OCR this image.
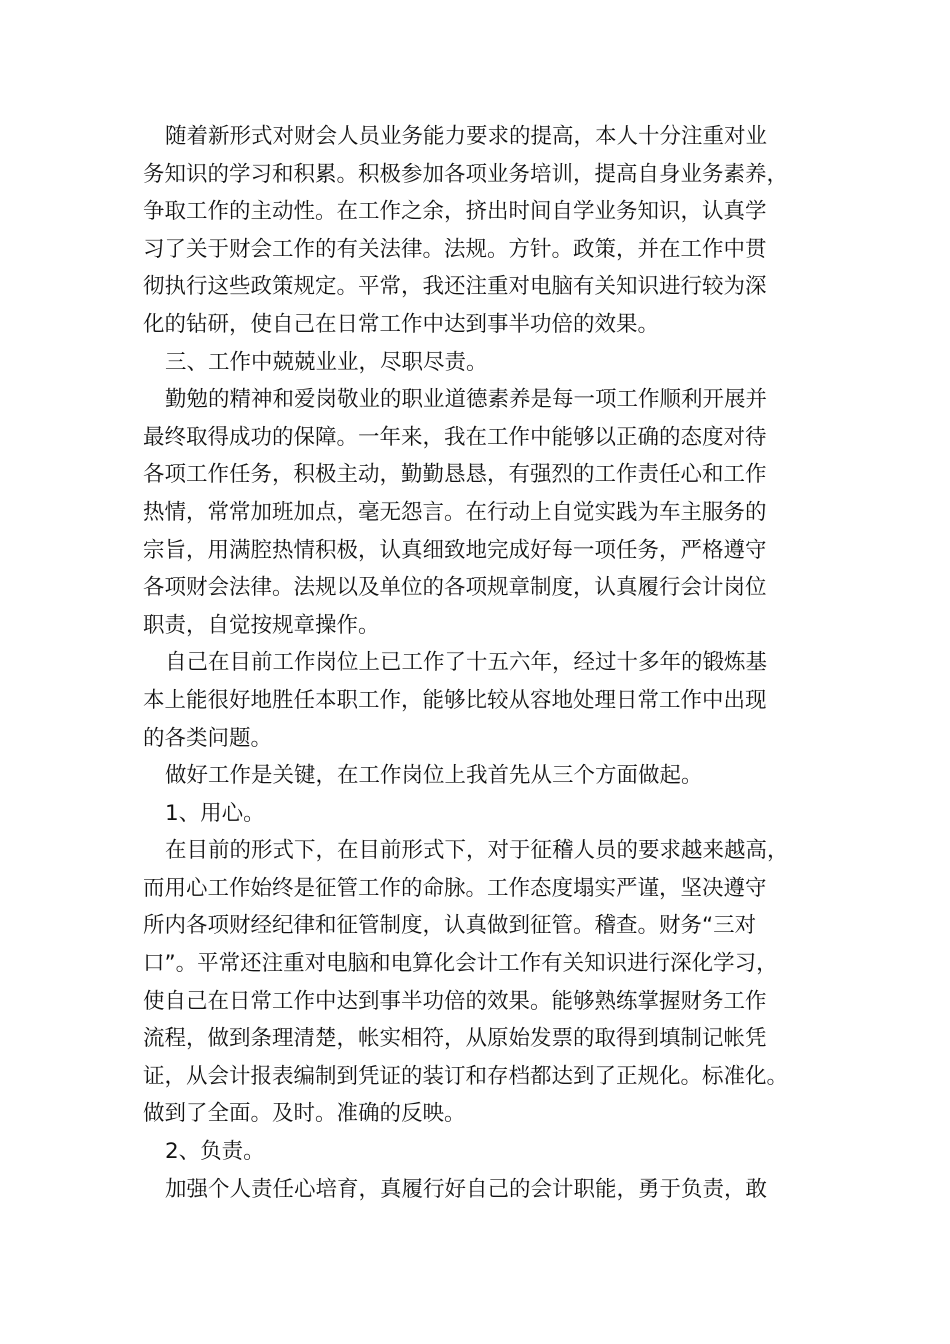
随着新形式对财会人员业务能力要求的提高，本人十分注重对业
务知识的学习和积累。积极参加各项业务培训，提高自身业务素养，
争取工作的主动性。在工作之余，挤出时间自学业务知识，认真学
习了关于财会工作的有关法律。法规。方针。政策，并在工作中贯
彻执行这些政策规定。平常，我还注重对电脑有关知识进行较为深
化的钻研，使自己在日常工作中达到事半功倍的效果。
三、工作中兢兢业业，尽职尽责。
勤勉的精神和爱岗敬业的职业道德素养是每一项工作顺利开展并
最终取得成功的保障。一年来，我在工作中能够以正确的态度对待
各项工作任务，积极主动，勤勤恳恳，有强烈的工作责任心和工作
热情，常常加班加点，毫无怨言。在行动上自觉实践为车主服务的
宗旨，用满腔热情积极，认真细致地完成好每一项任务，严格遵守
各项财会法律。法规以及单位的各项规章制度，认真履行会计岗位
职责，自觉按规章操作。
自己在目前工作岗位上已工作了十五六年，经过十多年的锻炼基
本上能很好地胜任本职工作，能够比较从容地处理日常工作中出现
的各类问题。
做好工作是关键，在工作岗位上我首先从三个方面做起。
1、用心。
在目前的形式下，在目前形式下，对于征稽人员的要求越来越高，
而用心工作始终是征管工作的命脉。工作态度塌实严谨，坚决遵守
所内各项财经纪律和征管制度，认真做到征管。稽查。财务“三对
口”。平常还注重对电脑和电算化会计工作有关知识进行深化学习，
使自己在日常工作中达到事半功倍的效果。能够熟练掌握财务工作
流程，做到条理清楚，帐实相符，从原始发票的取得到填制记帐凭
证，从会计报表编制到凭证的装订和存档都达到了正规化。标准化。
做到了全面。及时。准确的反映。
2、负责。
加强个人责任心培育，真履行好自己的会计职能，勇于负责，敢
